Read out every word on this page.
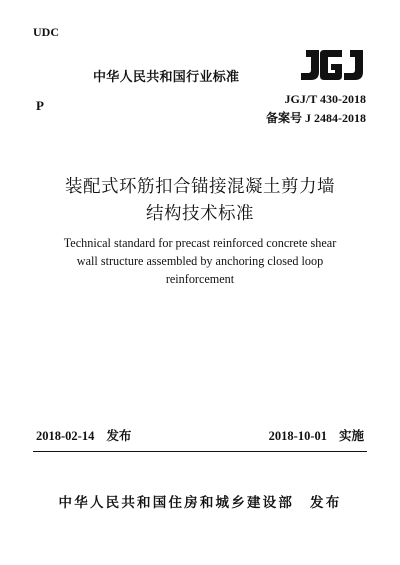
UDC
中华人民共和国行业标准
P	JGJ/T 430-2018
备案号 J 2484-2018
装配式环筋扣合锚接混凝土剪力墙
结构技术标准
Technical standard for precast reinforced concrete shear
wall structure assembled by anchoring closed loop
reinforcement
2018-02-14 发布	2018-10-01 实施
中华人民共和国住房和城乡建设部 发布
